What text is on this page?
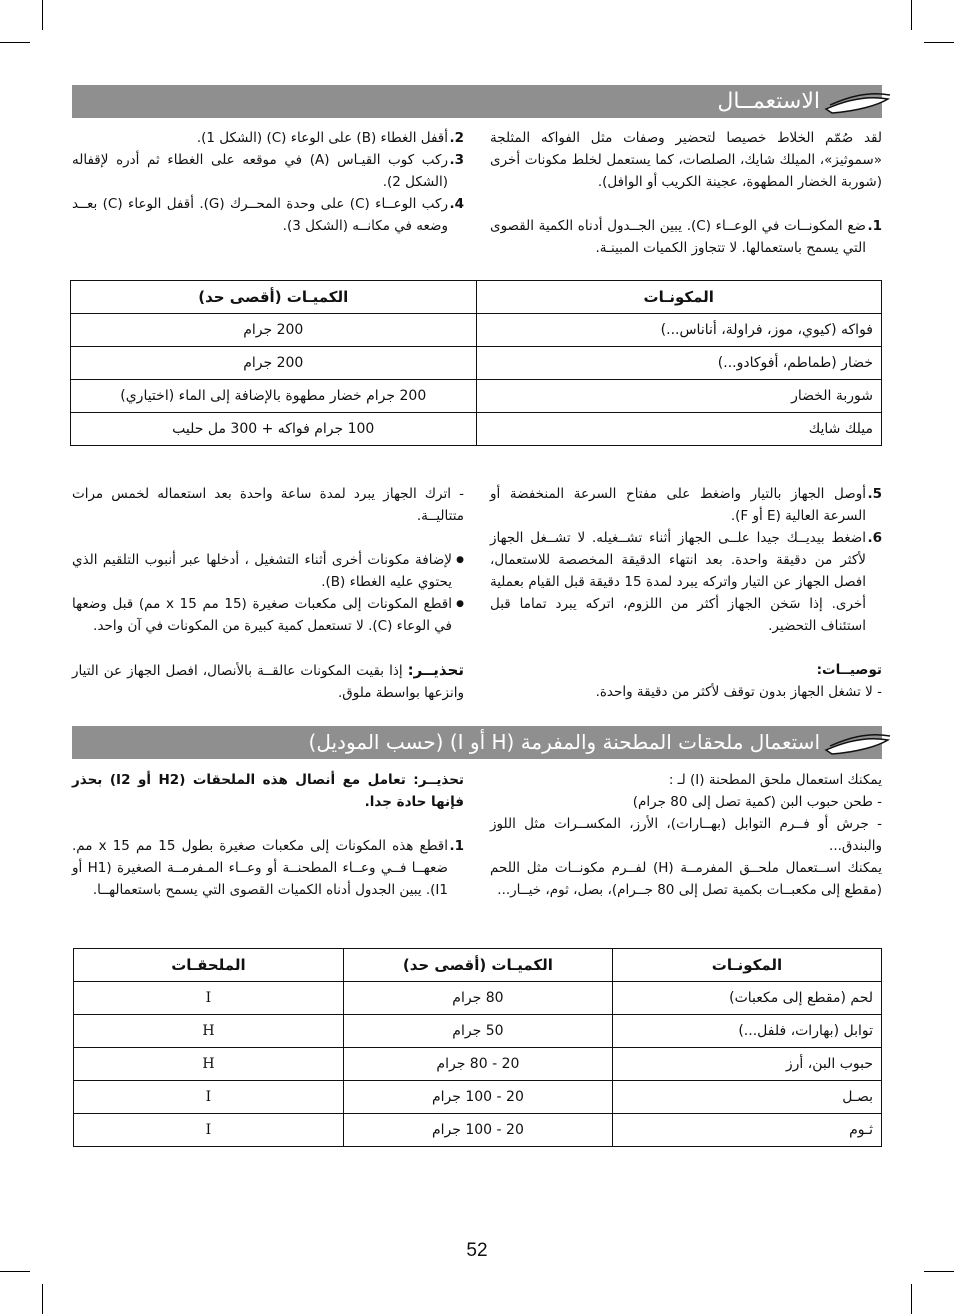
الاستعمــال

لقد صُمّم الخلاط خصيصا لتحضير وصفات مثل الفواكه المثلجة «سموثيز»، الميلك شايك، الصلصات، كما يستعمل لخلط مكونات أخرى (شوربة الخضار المطهوة، عجينة الكريب أو الوافل).

1.
ضع المكونــات في الوعــاء (C). يبين الجــدول أدناه الكمية القصوى التي يسمح باستعمالها. لا تتجاوز الكميات المبينـة.

2.
أقفل الغطاء (B) على الوعاء (C) (الشكل 1).

3.
ركب كوب القيـاس (A) في موقعه على الغطاء ثم أدره لإقفاله (الشكل 2).

4.
ركب الوعــاء (C) على وحدة المحــرك (G). أقفل الوعاء (C) بعــد وضعه في مكانــه (الشكل 3).

المكونـات	الكميـات (أقصى حد)
فواكه (كيوي، موز، فراولة، أناناس...)	200 جرام
خضار (طماطم، أفوكادو...)	200 جرام
شوربة الخضار	200 جرام خضار مطهوة بالإضافة إلى الماء (اختياري)
ميلك شايك	100 جرام فواكه + 300 مل حليب

5.
أوصل الجهاز بالتيار واضغط على مفتاح السرعة المنخفضة أو السرعة العالية (E أو F).

6.
اضغط بيديــك جيدا علــى الجهاز أثناء تشــغيله. لا تشــغل الجهاز لأكثر من دقيقة واحدة. بعد انتهاء الدقيقة المخصصة للاستعمال، افصل الجهاز عن التيار واتركه يبرد لمدة 15 دقيقة قبل القيام بعملية أخرى. إذا سَخن الجهاز أكثر من اللزوم، اتركه يبرد تماما قبل استئناف التحضير.

توصيــات:

- لا تشغل الجهاز بدون توقف لأكثر من دقيقة واحدة.

- اترك الجهاز يبرد لمدة ساعة واحدة بعد استعماله لخمس مرات متتاليــة.

● لإضافة مكونات أخرى أثناء التشغيل ، أدخلها عبر أنبوب التلقيم الذي يحتوي عليه الغطاء (B).

● اقطع المكونات إلى مكعبات صغيرة (15 مم x 15 مم) قبل وضعها في الوعاء (C). لا تستعمل كمية كبيرة من المكونات في آن واحد.

تحذيــر: إذا بقيت المكونات عالقــة بالأنصال، افصل الجهاز عن التيار وانزعها بواسطة ملوق.

استعمال ملحقات المطحنة والمفرمة (H أو I) (حسب الموديل)

يمكنك استعمال ملحق المطحنة (I) لـ :

- طحن حبوب البن (كمية تصل إلى 80 جرام)

- جرش أو فــرم التوابل (بهــارات)، الأرز، المكســرات مثل اللوز والبندق...

يمكنك اســتعمال ملحــق المفرمــة (H) لفــرم مكونــات مثل اللحم (مقطع إلى مكعبــات بكمية تصل إلى 80 جــرام)، بصل، ثوم، خيــار...

تحذيــر: تعامل مع أنصال هذه الملحقات (H2 أو I2) بحذر فإنها حادة جدا.

1.
اقطع هذه المكونات إلى مكعبات صغيرة بطول 15 مم x 15 مم. ضعهــا فــي وعــاء المطحنــة أو وعــاء المـفرمــة الصغيرة (H1 أو I1). يبين الجدول أدناه الكميات القصوى التي يسمح باستعمالهــا.

المكونـات	الكميـات (أقصى حد)	الملحقـات
لحم (مقطع إلى مكعبات)	80 جرام	I
توابل (بهارات، فلفل...)	50 جرام	H
حبوب البن، أرز	20 - 80 جرام	H
بصـل	20 - 100 جرام	I
ثـوم	20 - 100 جرام	I
52
